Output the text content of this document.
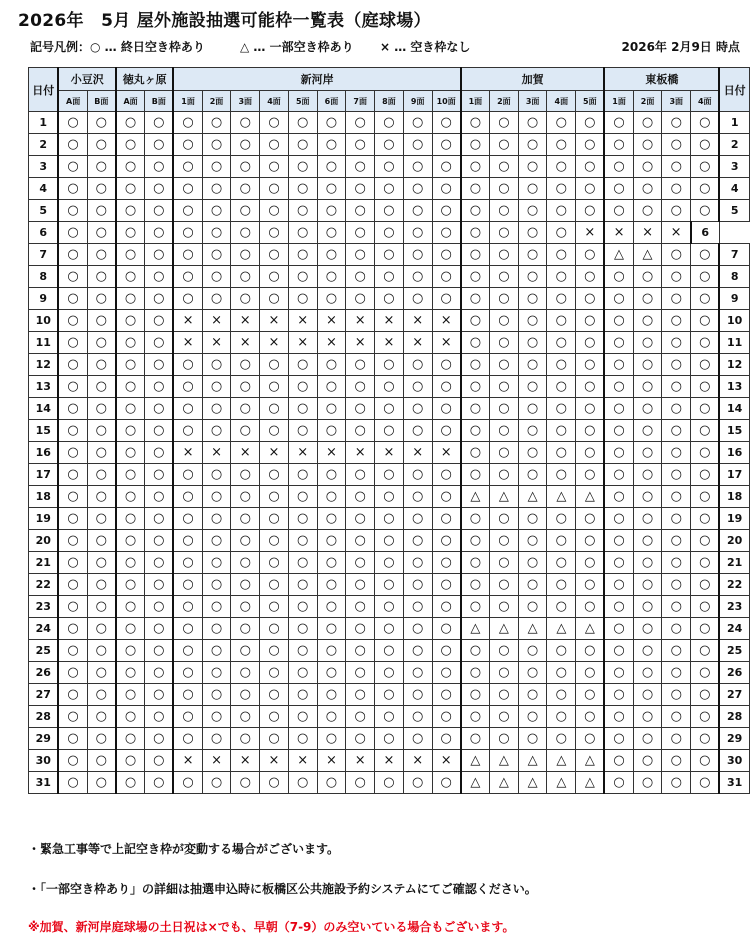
2026年　5月 屋外施設抽選可能枠一覧表（庭球場）
記号凡例： ○ … 終日空き枠あり	△ … 一部空き枠あり × … 空き枠なし	2026年 2月9日 時点
日付	小豆沢		徳丸ヶ原		新河岸										加賀					東板橋				日付
	A面	B面	A面	B面	1面	2面	3面	4面	5面	6面	7面	8面	9面	10面	1面	2面	3面	4面	5面	1面	2面	3面	4面	
1	○	○	○	○	○	○	○	○	○	○	○	○	○	○	○	○	○	○	○	○	○	○	○	1
2	○	○	○	○	○	○	○	○	○	○	○	○	○	○	○	○	○	○	○	○	○	○	○	2
3	○	○	○	○	○	○	○	○	○	○	○	○	○	○	○	○	○	○	○	○	○	○	○	3
4	○	○	○	○	○	○	○	○	○	○	○	○	○	○	○	○	○	○	○	○	○	○	○	4
5	○	○	○	○	○	○	○	○	○	○	○	○	○	○	○	○	○	○	○	○	○	○	○	5
6	○	○	○	○	○	○	○	○	○	○	○	○	○	○	○	○	○	○	×	×	×	×	6	
7	○	○	○	○	○	○	○	○	○	○	○	○	○	○	○	○	○	○	○	△	△	○	○	7
8	○	○	○	○	○	○	○	○	○	○	○	○	○	○	○	○	○	○	○	○	○	○	○	8
9	○	○	○	○	○	○	○	○	○	○	○	○	○	○	○	○	○	○	○	○	○	○	○	9
10	○	○	○	○	×	×	×	×	×	×	×	×	×	×	○	○	○	○	○	○	○	○	○	10
11	○	○	○	○	×	×	×	×	×	×	×	×	×	×	○	○	○	○	○	○	○	○	○	11
12	○	○	○	○	○	○	○	○	○	○	○	○	○	○	○	○	○	○	○	○	○	○	○	12
13	○	○	○	○	○	○	○	○	○	○	○	○	○	○	○	○	○	○	○	○	○	○	○	13
14	○	○	○	○	○	○	○	○	○	○	○	○	○	○	○	○	○	○	○	○	○	○	○	14
15	○	○	○	○	○	○	○	○	○	○	○	○	○	○	○	○	○	○	○	○	○	○	○	15
16	○	○	○	○	×	×	×	×	×	×	×	×	×	×	○	○	○	○	○	○	○	○	○	16
17	○	○	○	○	○	○	○	○	○	○	○	○	○	○	○	○	○	○	○	○	○	○	○	17
18	○	○	○	○	○	○	○	○	○	○	○	○	○	○	△	△	△	△	△	○	○	○	○	18
19	○	○	○	○	○	○	○	○	○	○	○	○	○	○	○	○	○	○	○	○	○	○	○	19
20	○	○	○	○	○	○	○	○	○	○	○	○	○	○	○	○	○	○	○	○	○	○	○	20
21	○	○	○	○	○	○	○	○	○	○	○	○	○	○	○	○	○	○	○	○	○	○	○	21
22	○	○	○	○	○	○	○	○	○	○	○	○	○	○	○	○	○	○	○	○	○	○	○	22
23	○	○	○	○	○	○	○	○	○	○	○	○	○	○	○	○	○	○	○	○	○	○	○	23
24	○	○	○	○	○	○	○	○	○	○	○	○	○	○	△	△	△	△	△	○	○	○	○	24
25	○	○	○	○	○	○	○	○	○	○	○	○	○	○	○	○	○	○	○	○	○	○	○	25
26	○	○	○	○	○	○	○	○	○	○	○	○	○	○	○	○	○	○	○	○	○	○	○	26
27	○	○	○	○	○	○	○	○	○	○	○	○	○	○	○	○	○	○	○	○	○	○	○	27
28	○	○	○	○	○	○	○	○	○	○	○	○	○	○	○	○	○	○	○	○	○	○	○	28
29	○	○	○	○	○	○	○	○	○	○	○	○	○	○	○	○	○	○	○	○	○	○	○	29
30	○	○	○	○	×	×	×	×	×	×	×	×	×	×	△	△	△	△	△	○	○	○	○	30
31	○	○	○	○	○	○	○	○	○	○	○	○	○	○	△	△	△	△	△	○	○	○	○	31
・緊急工事等で上記空き枠が変動する場合がございます。
・「一部空き枠あり」の詳細は抽選申込時に板橋区公共施設予約システムにてご確認ください。
※加賀、新河岸庭球場の土日祝は×でも、早朝（7-9）のみ空いている場合もございます。
